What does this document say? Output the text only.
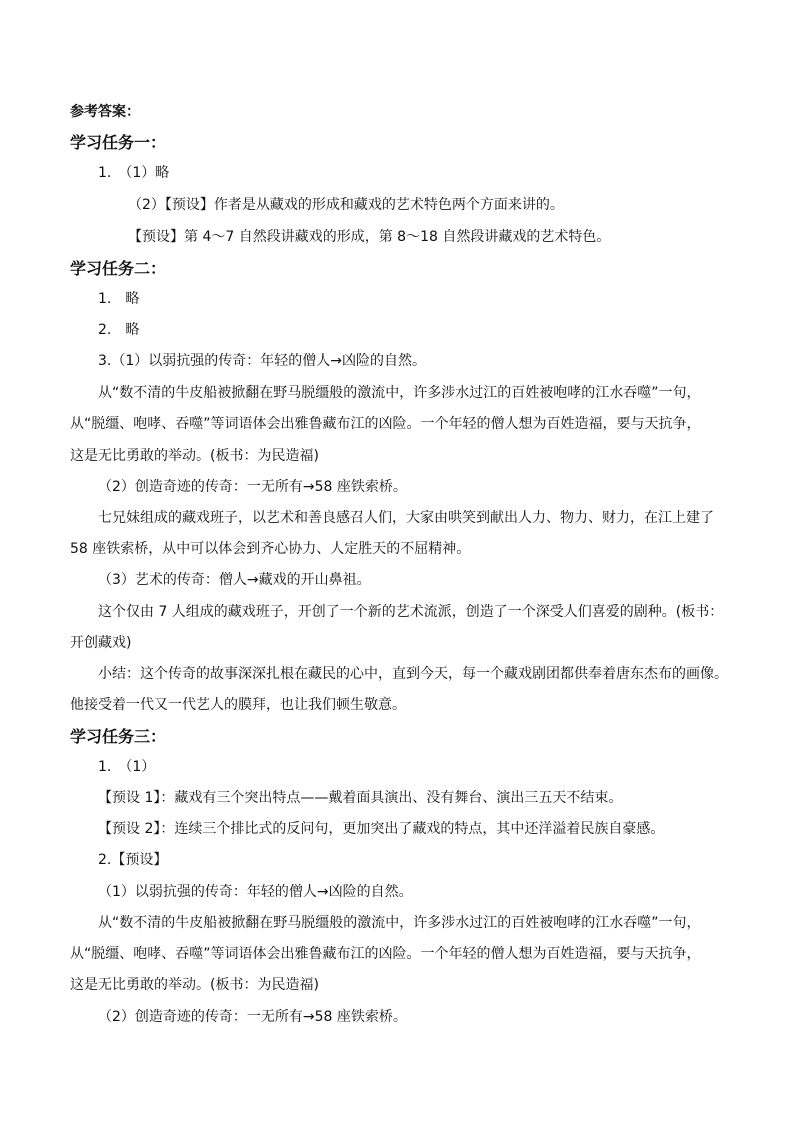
参考答案：
学习任务一：
1.　（1）略
（2）【预设】作者是从藏戏的形成和藏戏的艺术特色两个方面来讲的。
【预设】第 4～7 自然段讲藏戏的形成，第 8～18 自然段讲藏戏的艺术特色。
学习任务二：
1.　略
2.　略
3.（1）以弱抗强的传奇：年轻的僧人→凶险的自然。
从“数不清的牛皮船被掀翻在野马脱缰般的激流中，许多涉水过江的百姓被咆哮的江水吞噬”一句，
从“脱缰、咆哮、吞噬”等词语体会出雅鲁藏布江的凶险。一个年轻的僧人想为百姓造福，要与天抗争，
这是无比勇敢的举动。(板书：为民造福)
（2）创造奇迹的传奇：一无所有→58 座铁索桥。
七兄妹组成的藏戏班子，以艺术和善良感召人们，大家由哄笑到献出人力、物力、财力，在江上建了
58 座铁索桥，从中可以体会到齐心协力、人定胜天的不屈精神。
（3）艺术的传奇：僧人→藏戏的开山鼻祖。
这个仅由 7 人组成的藏戏班子，开创了一个新的艺术流派，创造了一个深受人们喜爱的剧种。(板书：
开创藏戏)
小结：这个传奇的故事深深扎根在藏民的心中，直到今天，每一个藏戏剧团都供奉着唐东杰布的画像。
他接受着一代又一代艺人的膜拜，也让我们顿生敬意。
学习任务三：
1.　（1）
【预设 1】：藏戏有三个突出特点——戴着面具演出、没有舞台、演出三五天不结束。
【预设 2】：连续三个排比式的反问句，更加突出了藏戏的特点，其中还洋溢着民族自豪感。
2.【预设】
（1）以弱抗强的传奇：年轻的僧人→凶险的自然。
从“数不清的牛皮船被掀翻在野马脱缰般的激流中，许多涉水过江的百姓被咆哮的江水吞噬”一句，
从“脱缰、咆哮、吞噬”等词语体会出雅鲁藏布江的凶险。一个年轻的僧人想为百姓造福，要与天抗争，
这是无比勇敢的举动。(板书：为民造福)
（2）创造奇迹的传奇：一无所有→58 座铁索桥。
